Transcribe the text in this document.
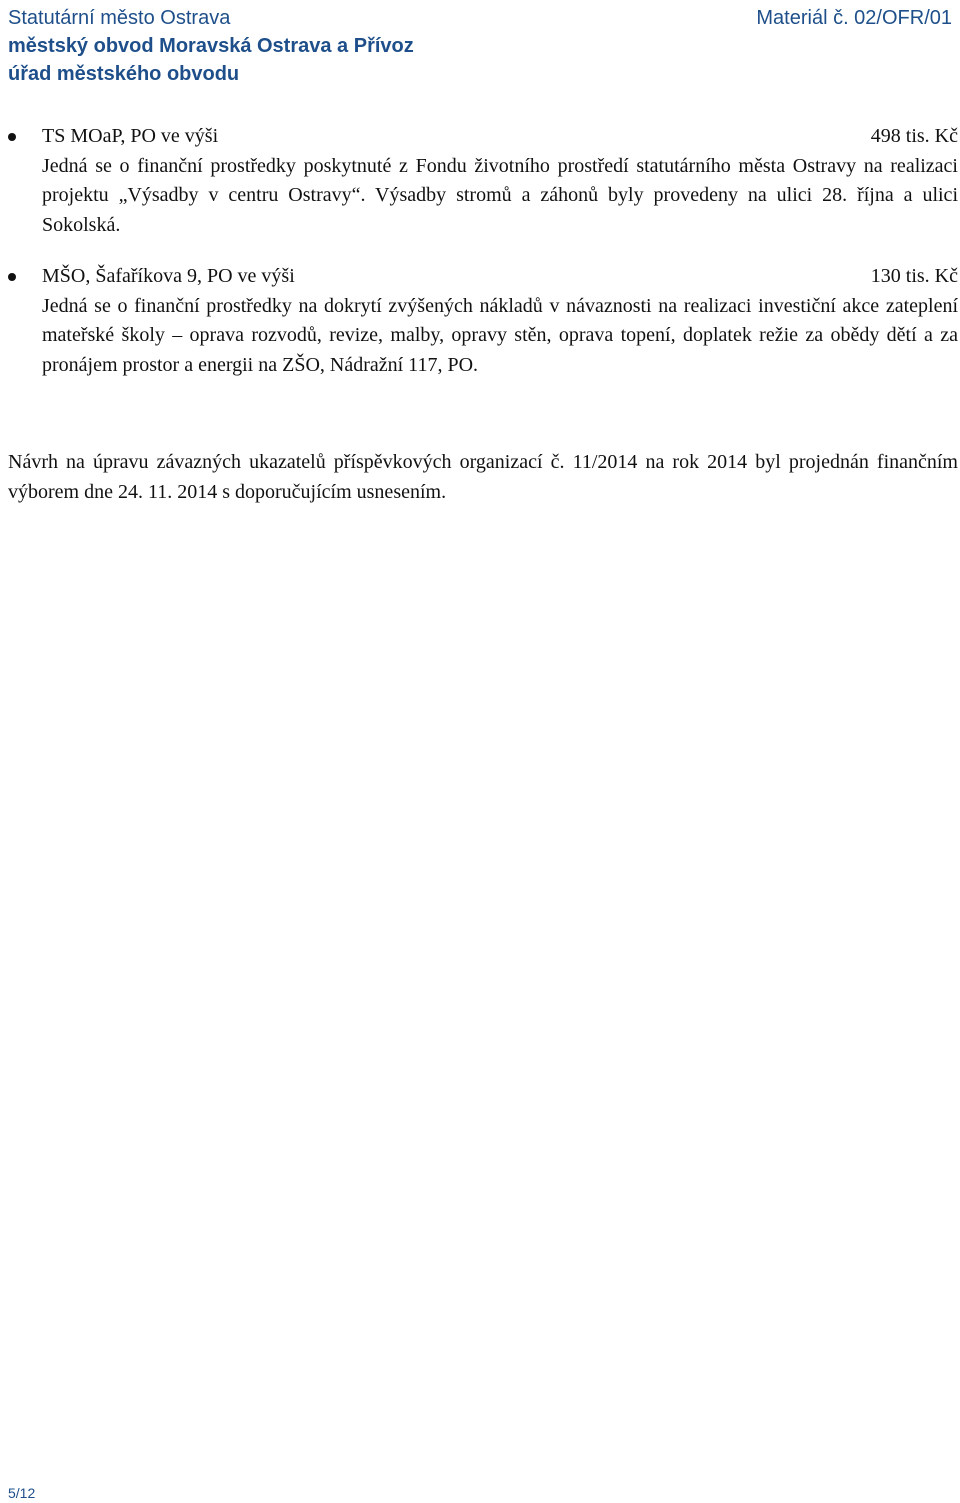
Statutární město Ostrava	Materiál č. 02/OFR/01
městský obvod Moravská Ostrava a Přívoz
úřad městského obvodu
TS MOaP, PO ve výši	498 tis. Kč
Jedná se o finanční prostředky poskytnuté z Fondu životního prostředí statutárního města Ostravy na realizaci projektu „Výsadby v centru Ostravy“. Výsadby stromů a záhonů byly provedeny na ulici 28. října a ulici Sokolská.
MŠO, Šafaříkova 9, PO ve výši	130 tis. Kč
Jedná se o finanční prostředky na dokrytí zvýšených nákladů v návaznosti na realizaci investiční akce zateplení mateřské školy – oprava rozvodů, revize, malby, opravy stěn, oprava topení, doplatek režie za obědy dětí a za pronájem prostor a energii na ZŠO, Nádražní 117, PO.
Návrh na úpravu závazných ukazatelů příspěvkových organizací č. 11/2014 na rok 2014 byl projednán finančním výborem dne 24. 11. 2014 s doporučujícím usnesením.
5/12
